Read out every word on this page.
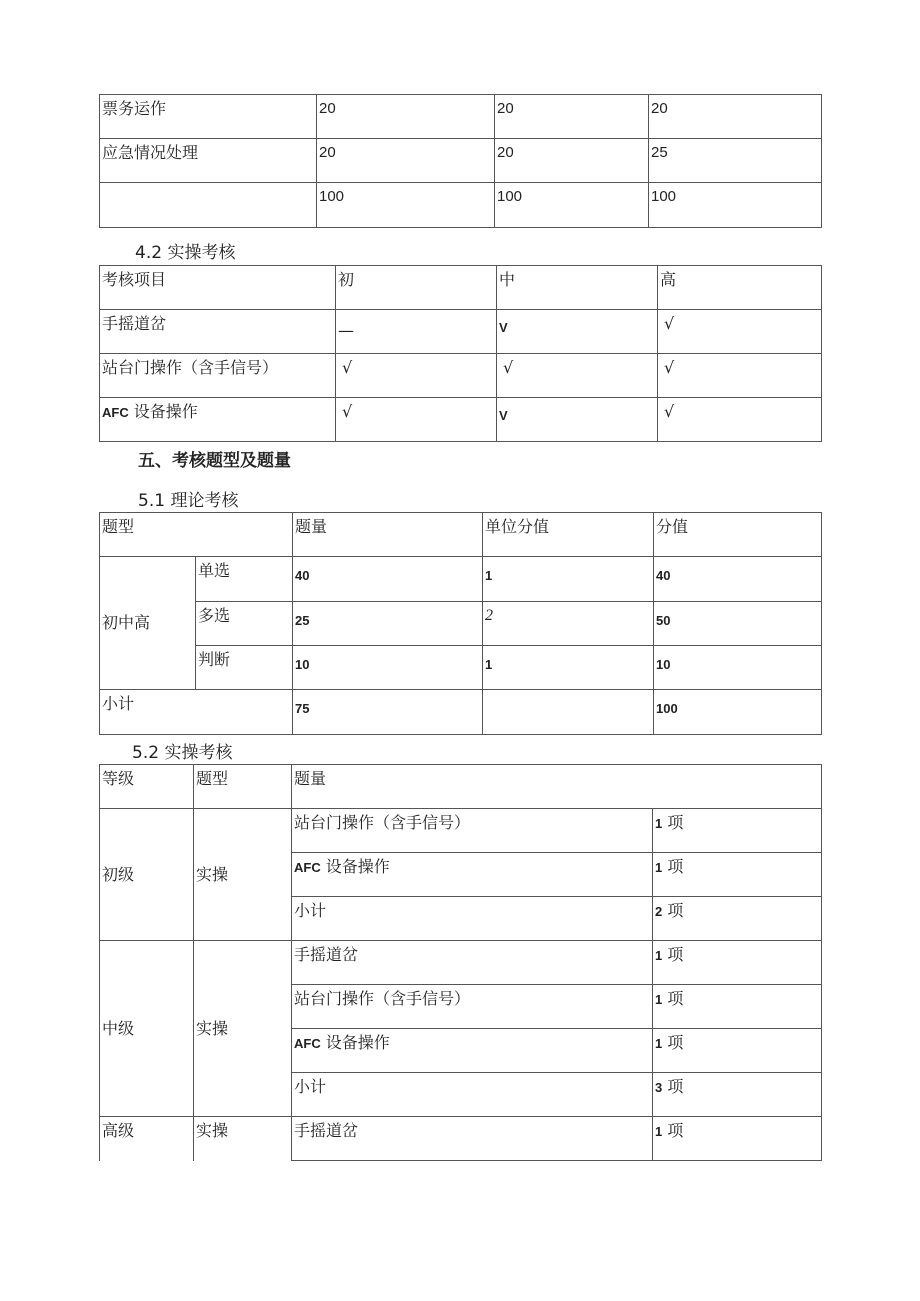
票务运作	20	20	20
应急情况处理	20	20	25
	100	100	100
4.2 实操考核
考核项目	初	中	高
手摇道岔	—	V	√
站台门操作（含手信号）	√	√	√
AFC 设备操作	√	V	√
五、考核题型及题量
5.1 理论考核
题型		题量	单位分值	分值
初中高	单选	40	1	40
	多选	25	2	50
	判断	10	1	10
小计		75		100
5.2 实操考核
等级	题型	题量	
初级	实操	站台门操作（含手信号）	1 项
		AFC 设备操作	1 项
		小计	2 项
中级	实操	手摇道岔	1 项
		站台门操作（含手信号）	1 项
		AFC 设备操作	1 项
		小计	3 项
高级	实操	手摇道岔	1 项
